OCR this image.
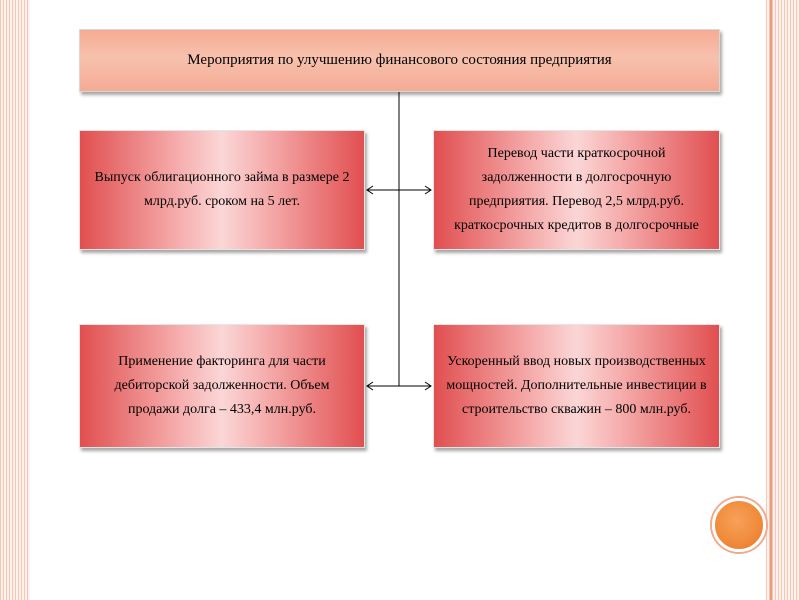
Мероприятия по улучшению финансового состояния предприятия
Выпуск облигационного займа в размере 2 млрд.руб. сроком на 5 лет.
Перевод части краткосрочной задолженности в долгосрочную предприятия. Перевод 2,5 млрд.руб. краткосрочных кредитов в долгосрочные
Применение факторинга для части дебиторской задолженности. Объем продажи долга – 433,4 млн.руб.
Ускоренный ввод новых производственных мощностей. Дополнительные инвестиции в строительство скважин – 800 млн.руб.
